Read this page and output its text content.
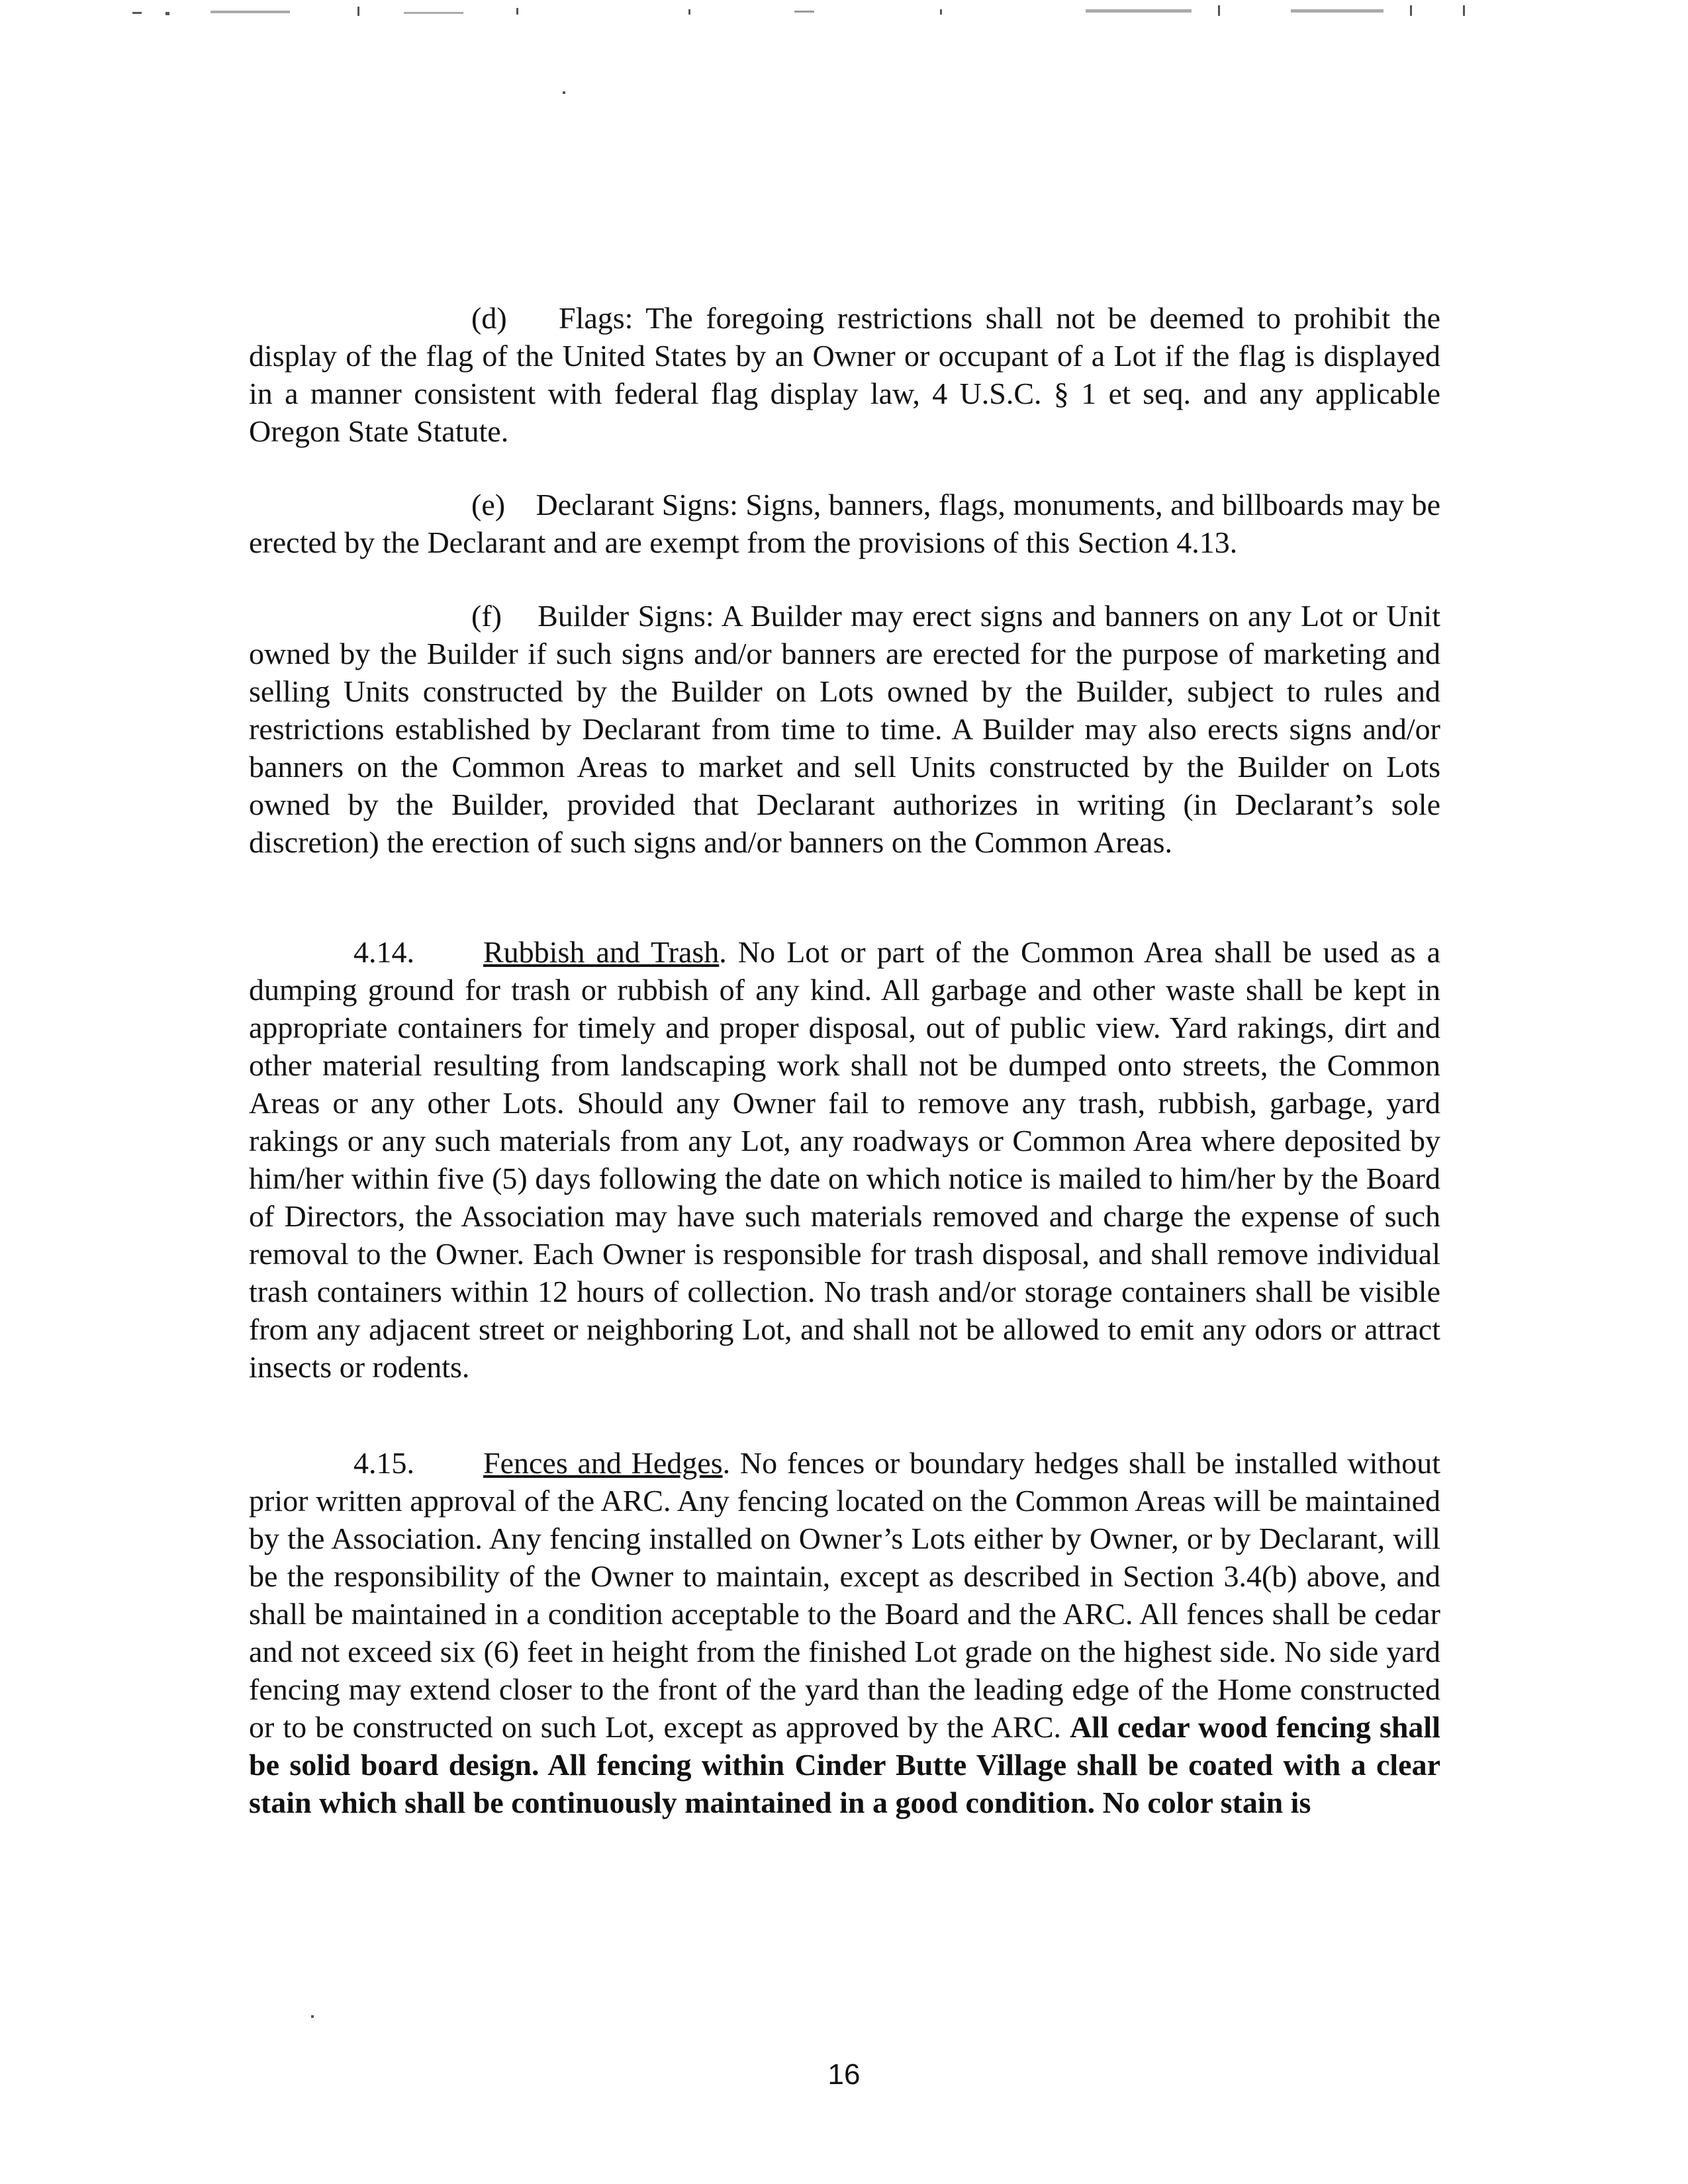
(d) Flags: The foregoing restrictions shall not be deemed to prohibit the display of the flag of the United States by an Owner or occupant of a Lot if the flag is displayed in a manner consistent with federal flag display law, 4 U.S.C. § 1 et seq. and any applicable Oregon State Statute.

(e) Declarant Signs: Signs, banners, flags, monuments, and billboards may be erected by the Declarant and are exempt from the provisions of this Section 4.13.

(f) Builder Signs: A Builder may erect signs and banners on any Lot or Unit owned by the Builder if such signs and/or banners are erected for the purpose of marketing and selling Units constructed by the Builder on Lots owned by the Builder, subject to rules and restrictions established by Declarant from time to time. A Builder may also erects signs and/or banners on the Common Areas to market and sell Units constructed by the Builder on Lots owned by the Builder, provided that Declarant authorizes in writing (in Declarant’s sole discretion) the erection of such signs and/or banners on the Common Areas.

4.14. Rubbish and Trash. No Lot or part of the Common Area shall be used as a dumping ground for trash or rubbish of any kind. All garbage and other waste shall be kept in appropriate containers for timely and proper disposal, out of public view. Yard rakings, dirt and other material resulting from landscaping work shall not be dumped onto streets, the Common Areas or any other Lots. Should any Owner fail to remove any trash, rubbish, garbage, yard rakings or any such materials from any Lot, any roadways or Common Area where deposited by him/her within five (5) days following the date on which notice is mailed to him/her by the Board of Directors, the Association may have such materials removed and charge the expense of such removal to the Owner. Each Owner is responsible for trash disposal, and shall remove individual trash containers within 12 hours of collection. No trash and/or storage containers shall be visible from any adjacent street or neighboring Lot, and shall not be allowed to emit any odors or attract insects or rodents.

4.15. Fences and Hedges. No fences or boundary hedges shall be installed without prior written approval of the ARC. Any fencing located on the Common Areas will be maintained by the Association. Any fencing installed on Owner’s Lots either by Owner, or by Declarant, will be the responsibility of the Owner to maintain, except as described in Section 3.4(b) above, and shall be maintained in a condition acceptable to the Board and the ARC. All fences shall be cedar and not exceed six (6) feet in height from the finished Lot grade on the highest side. No side yard fencing may extend closer to the front of the yard than the leading edge of the Home constructed or to be constructed on such Lot, except as approved by the ARC. All cedar wood fencing shall be solid board design. All fencing within Cinder Butte Village shall be coated with a clear stain which shall be continuously maintained in a good condition. No color stain is

16
